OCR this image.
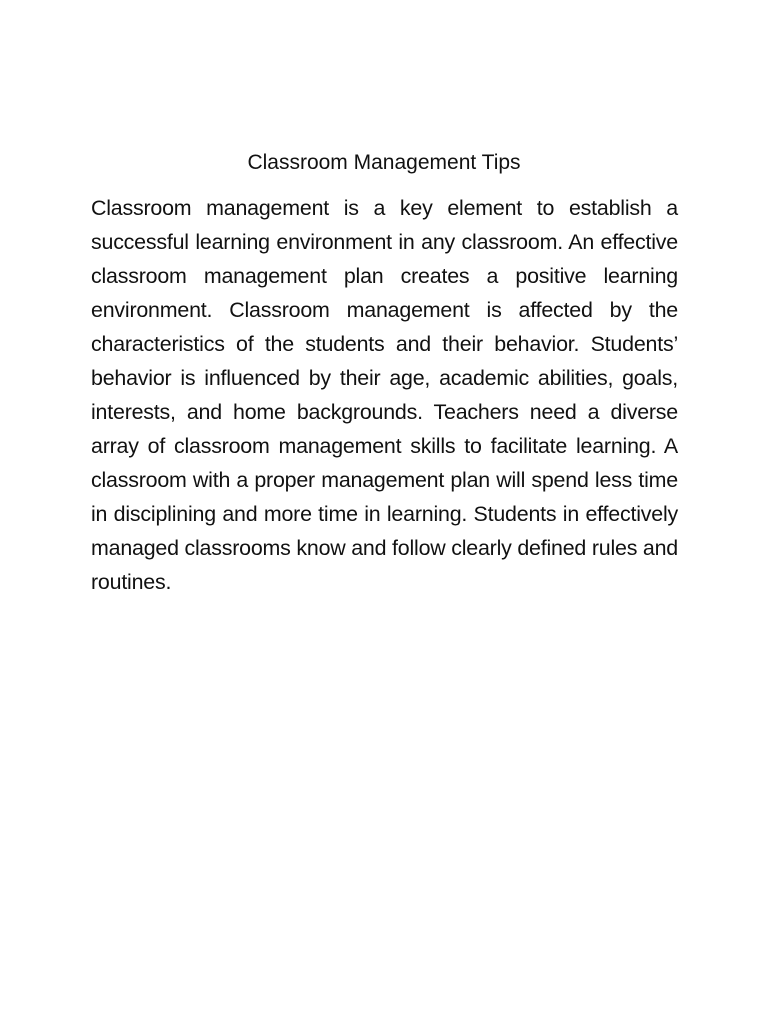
Classroom Management Tips

Classroom management is a key element to establish a successful learning environment in any classroom. An effective classroom management plan creates a positive learning environment. Classroom management is affected by the characteristics of the students and their behavior. Students’ behavior is influenced by their age, academic abilities, goals, interests, and home backgrounds. Teachers need a diverse array of classroom management skills to facilitate learning. A classroom with a proper management plan will spend less time in disciplining and more time in learning. Students in effectively managed classrooms know and follow clearly defined rules and routines.
